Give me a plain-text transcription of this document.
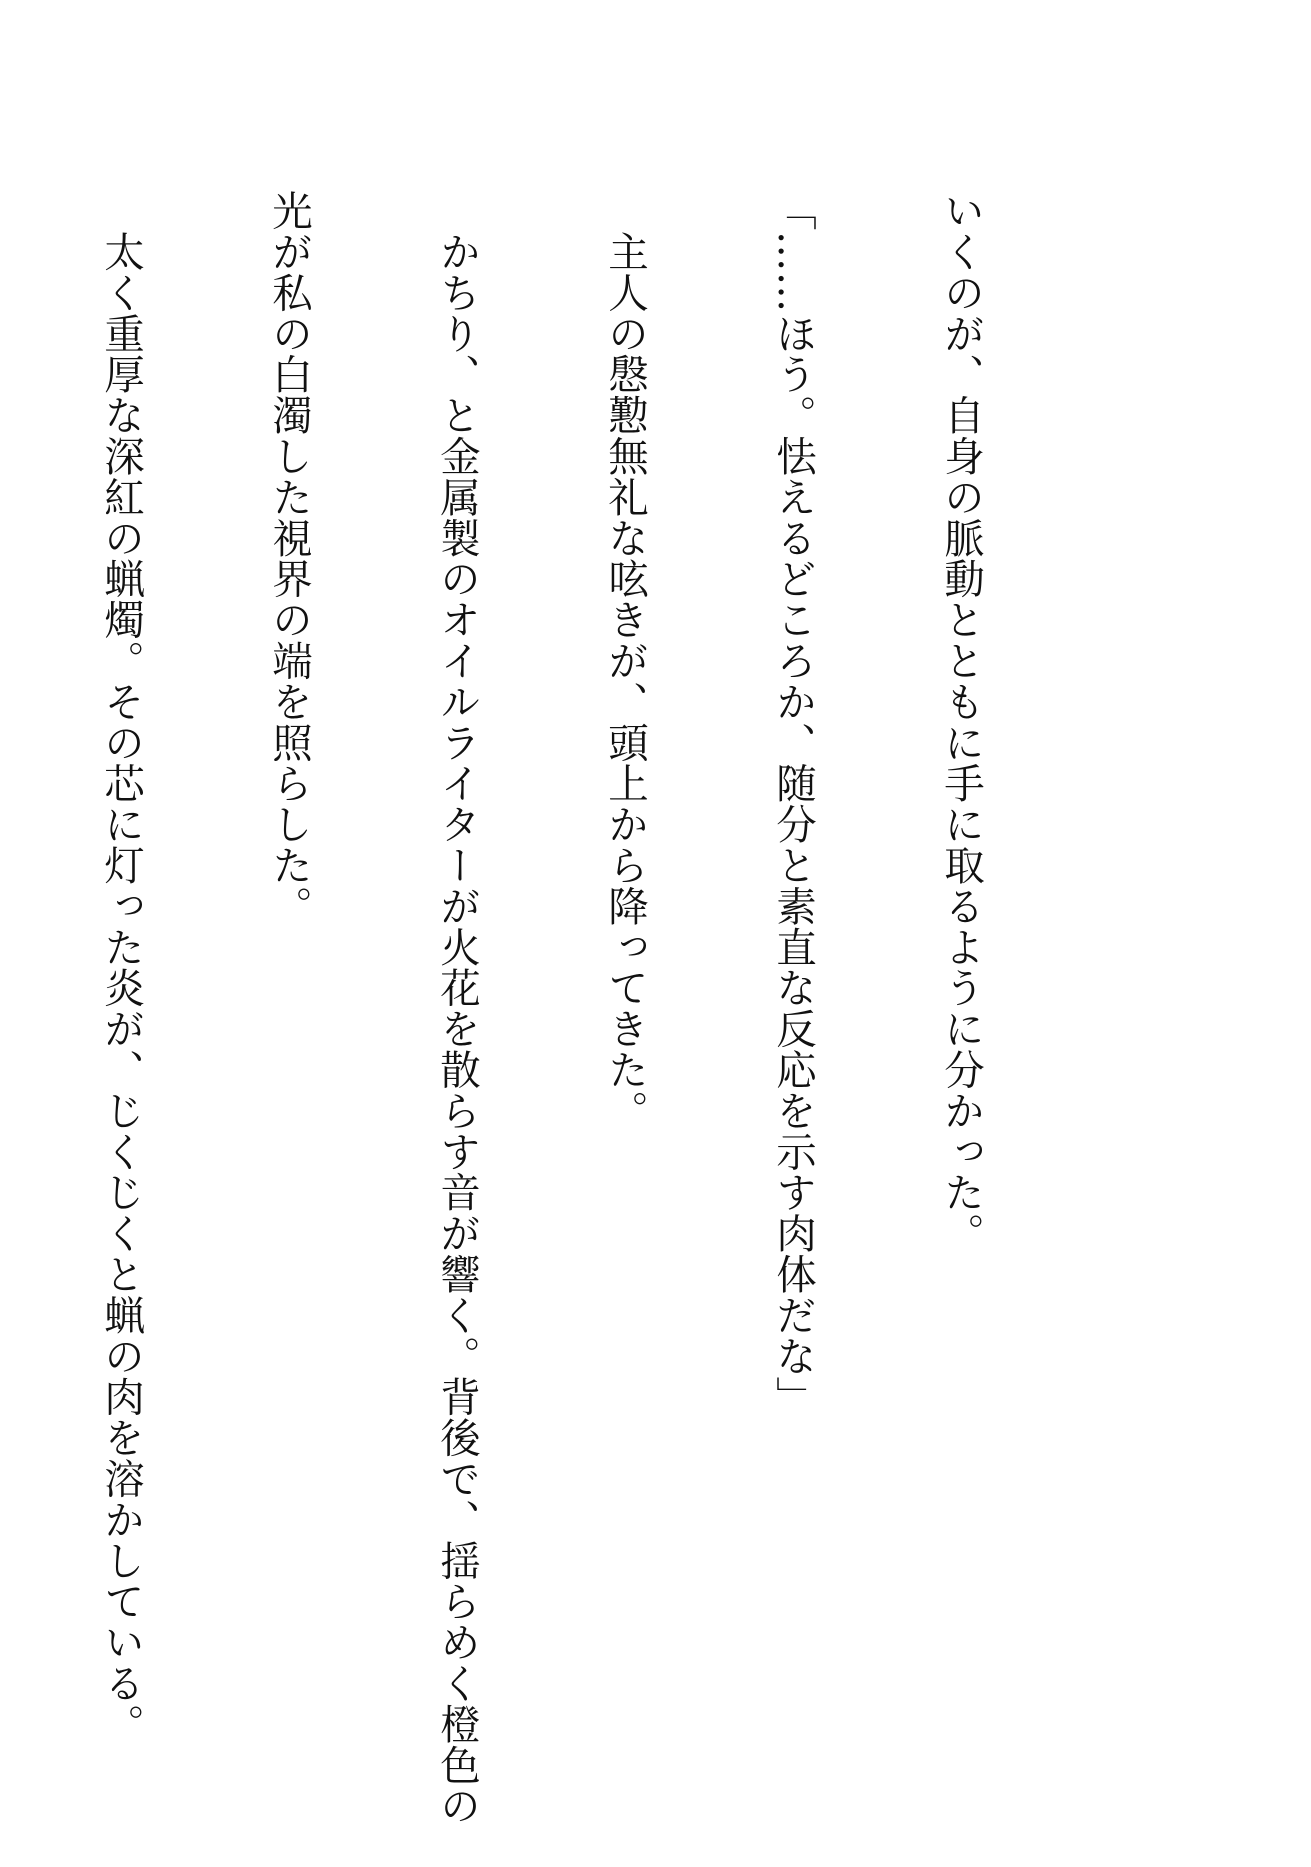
いくのが、自身の脈動とともに手に取るように分かった。

「……ほう。怯えるどころか、随分と素直な反応を示す肉体だな」

　主人の慇懃無礼な呟きが、頭上から降ってきた。

　かちり、と金属製のオイルライターが火花を散らす音が響く。背後で、揺らめく橙色の

光が私の白濁した視界の端を照らした。

　太く重厚な深紅の蝋燭。その芯に灯った炎が、じくじくと蝋の肉を溶かしている。
